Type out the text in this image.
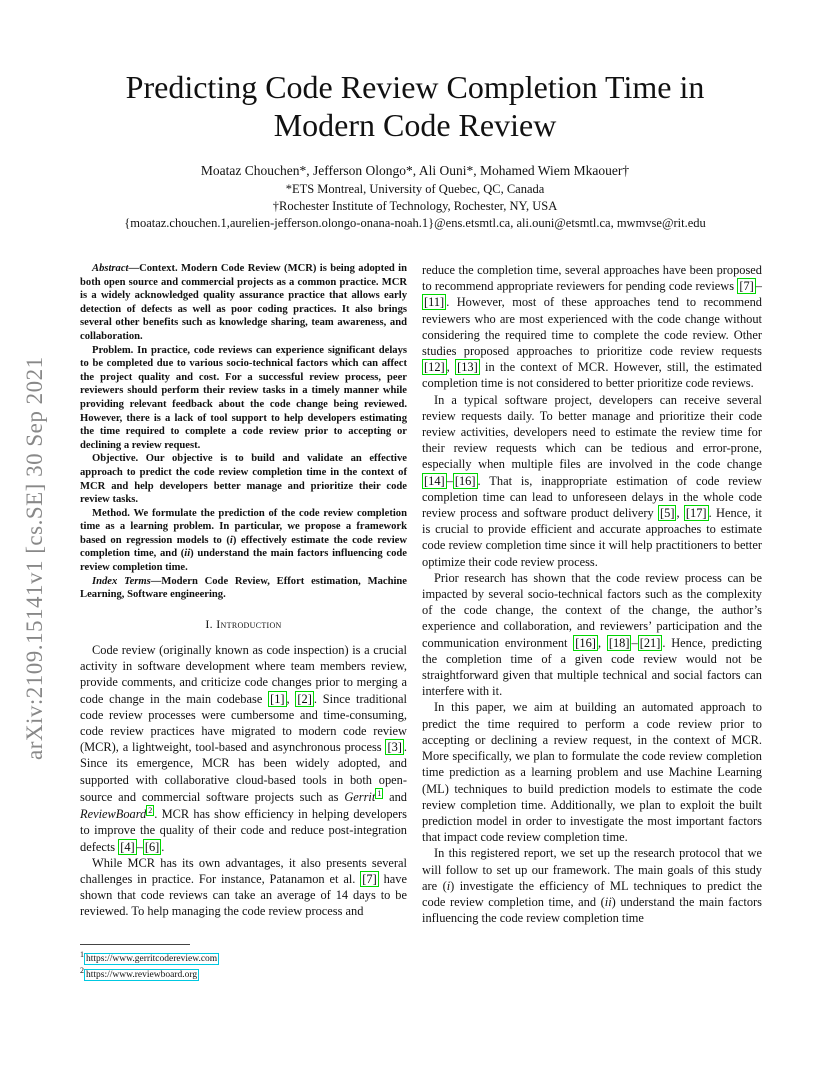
arXiv:2109.15141v1 [cs.SE] 30 Sep 2021
Predicting Code Review Completion Time in Modern Code Review
Moataz Chouchen*, Jefferson Olongo*, Ali Ouni*, Mohamed Wiem Mkaouer†
*ETS Montreal, University of Quebec, QC, Canada
†Rochester Institute of Technology, Rochester, NY, USA
{moataz.chouchen.1,aurelien-jefferson.olongo-onana-noah.1}@ens.etsmtl.ca, ali.ouni@etsmtl.ca, mwmvse@rit.edu

Abstract—Context. Modern Code Review (MCR) is being adopted in both open source and commercial projects as a common practice. MCR is a widely acknowledged quality assurance practice that allows early detection of defects as well as poor coding practices. It also brings several other benefits such as knowledge sharing, team awareness, and collaboration.

Problem. In practice, code reviews can experience significant delays to be completed due to various socio-technical factors which can affect the project quality and cost. For a successful review process, peer reviewers should perform their review tasks in a timely manner while providing relevant feedback about the code change being reviewed. However, there is a lack of tool support to help developers estimating the time required to complete a code review prior to accepting or declining a review request.

Objective. Our objective is to build and validate an effective approach to predict the code review completion time in the context of MCR and help developers better manage and prioritize their code review tasks.

Method. We formulate the prediction of the code review completion time as a learning problem. In particular, we propose a framework based on regression models to (i) effectively estimate the code review completion time, and (ii) understand the main factors influencing code review completion time.

Index Terms—Modern Code Review, Effort estimation, Machine Learning, Software engineering.

I. Introduction

Code review (originally known as code inspection) is a crucial activity in software development where team members review, provide comments, and criticize code changes prior to merging a code change in the main codebase [1] , [2] . Since traditional code review processes were cumbersome and time-consuming, code review practices have migrated to modern code review (MCR), a lightweight, tool-based and asynchronous process [3] . Since its emergence, MCR has been widely adopted, and supported with collaborative cloud-based tools in both open-source and commercial software projects such as Gerrit $^1$ and ReviewBoard $^2$ . MCR has show efficiency in helping developers to improve the quality of their code and reduce post-integration defects [4] – [6] .

While MCR has its own advantages, it also presents several challenges in practice. For instance, Patanamon et al. [7] have shown that code reviews can take an average of 14 days to be reviewed. To help managing the code review process and

reduce the completion time, several approaches have been proposed to recommend appropriate reviewers for pending code reviews [7] –[11] . However, most of these approaches tend to recommend reviewers who are most experienced with the code change without considering the required time to complete the code review. Other studies proposed approaches to prioritize code review requests [12] , [13] in the context of MCR. However, still, the estimated completion time is not considered to better prioritize code reviews.

In a typical software project, developers can receive several review requests daily. To better manage and prioritize their code review activities, developers need to estimate the review time for their review requests which can be tedious and error-prone, especially when multiple files are involved in the code change [14] – [16] . That is, inappropriate estimation of code review completion time can lead to unforeseen delays in the whole code review process and software product delivery [5] , [17] . Hence, it is crucial to provide efficient and accurate approaches to estimate code review completion time since it will help practitioners to better optimize their code review process.

Prior research has shown that the code review process can be impacted by several socio-technical factors such as the complexity of the code change, the context of the change, the author’s experience and collaboration, and reviewers’ participation and the communication environment [16] , [18] – [21] . Hence, predicting the completion time of a given code review would not be straightforward given that multiple technical and social factors can interfere with it.

In this paper, we aim at building an automated approach to predict the time required to perform a code review prior to accepting or declining a review request, in the context of MCR. More specifically, we plan to formulate the code review completion time prediction as a learning problem and use Machine Learning (ML) techniques to build prediction models to estimate the code review completion time. Additionally, we plan to exploit the built prediction model in order to investigate the most important factors that impact code review completion time.

In this registered report, we set up the research protocol that we will follow to set up our framework. The main goals of this study are (i) investigate the efficiency of ML techniques to predict the code review completion time, and (ii) understand the main factors influencing the code review completion time

$^1$ https://www.gerritcodereview.com
$^2$ https://www.reviewboard.org
